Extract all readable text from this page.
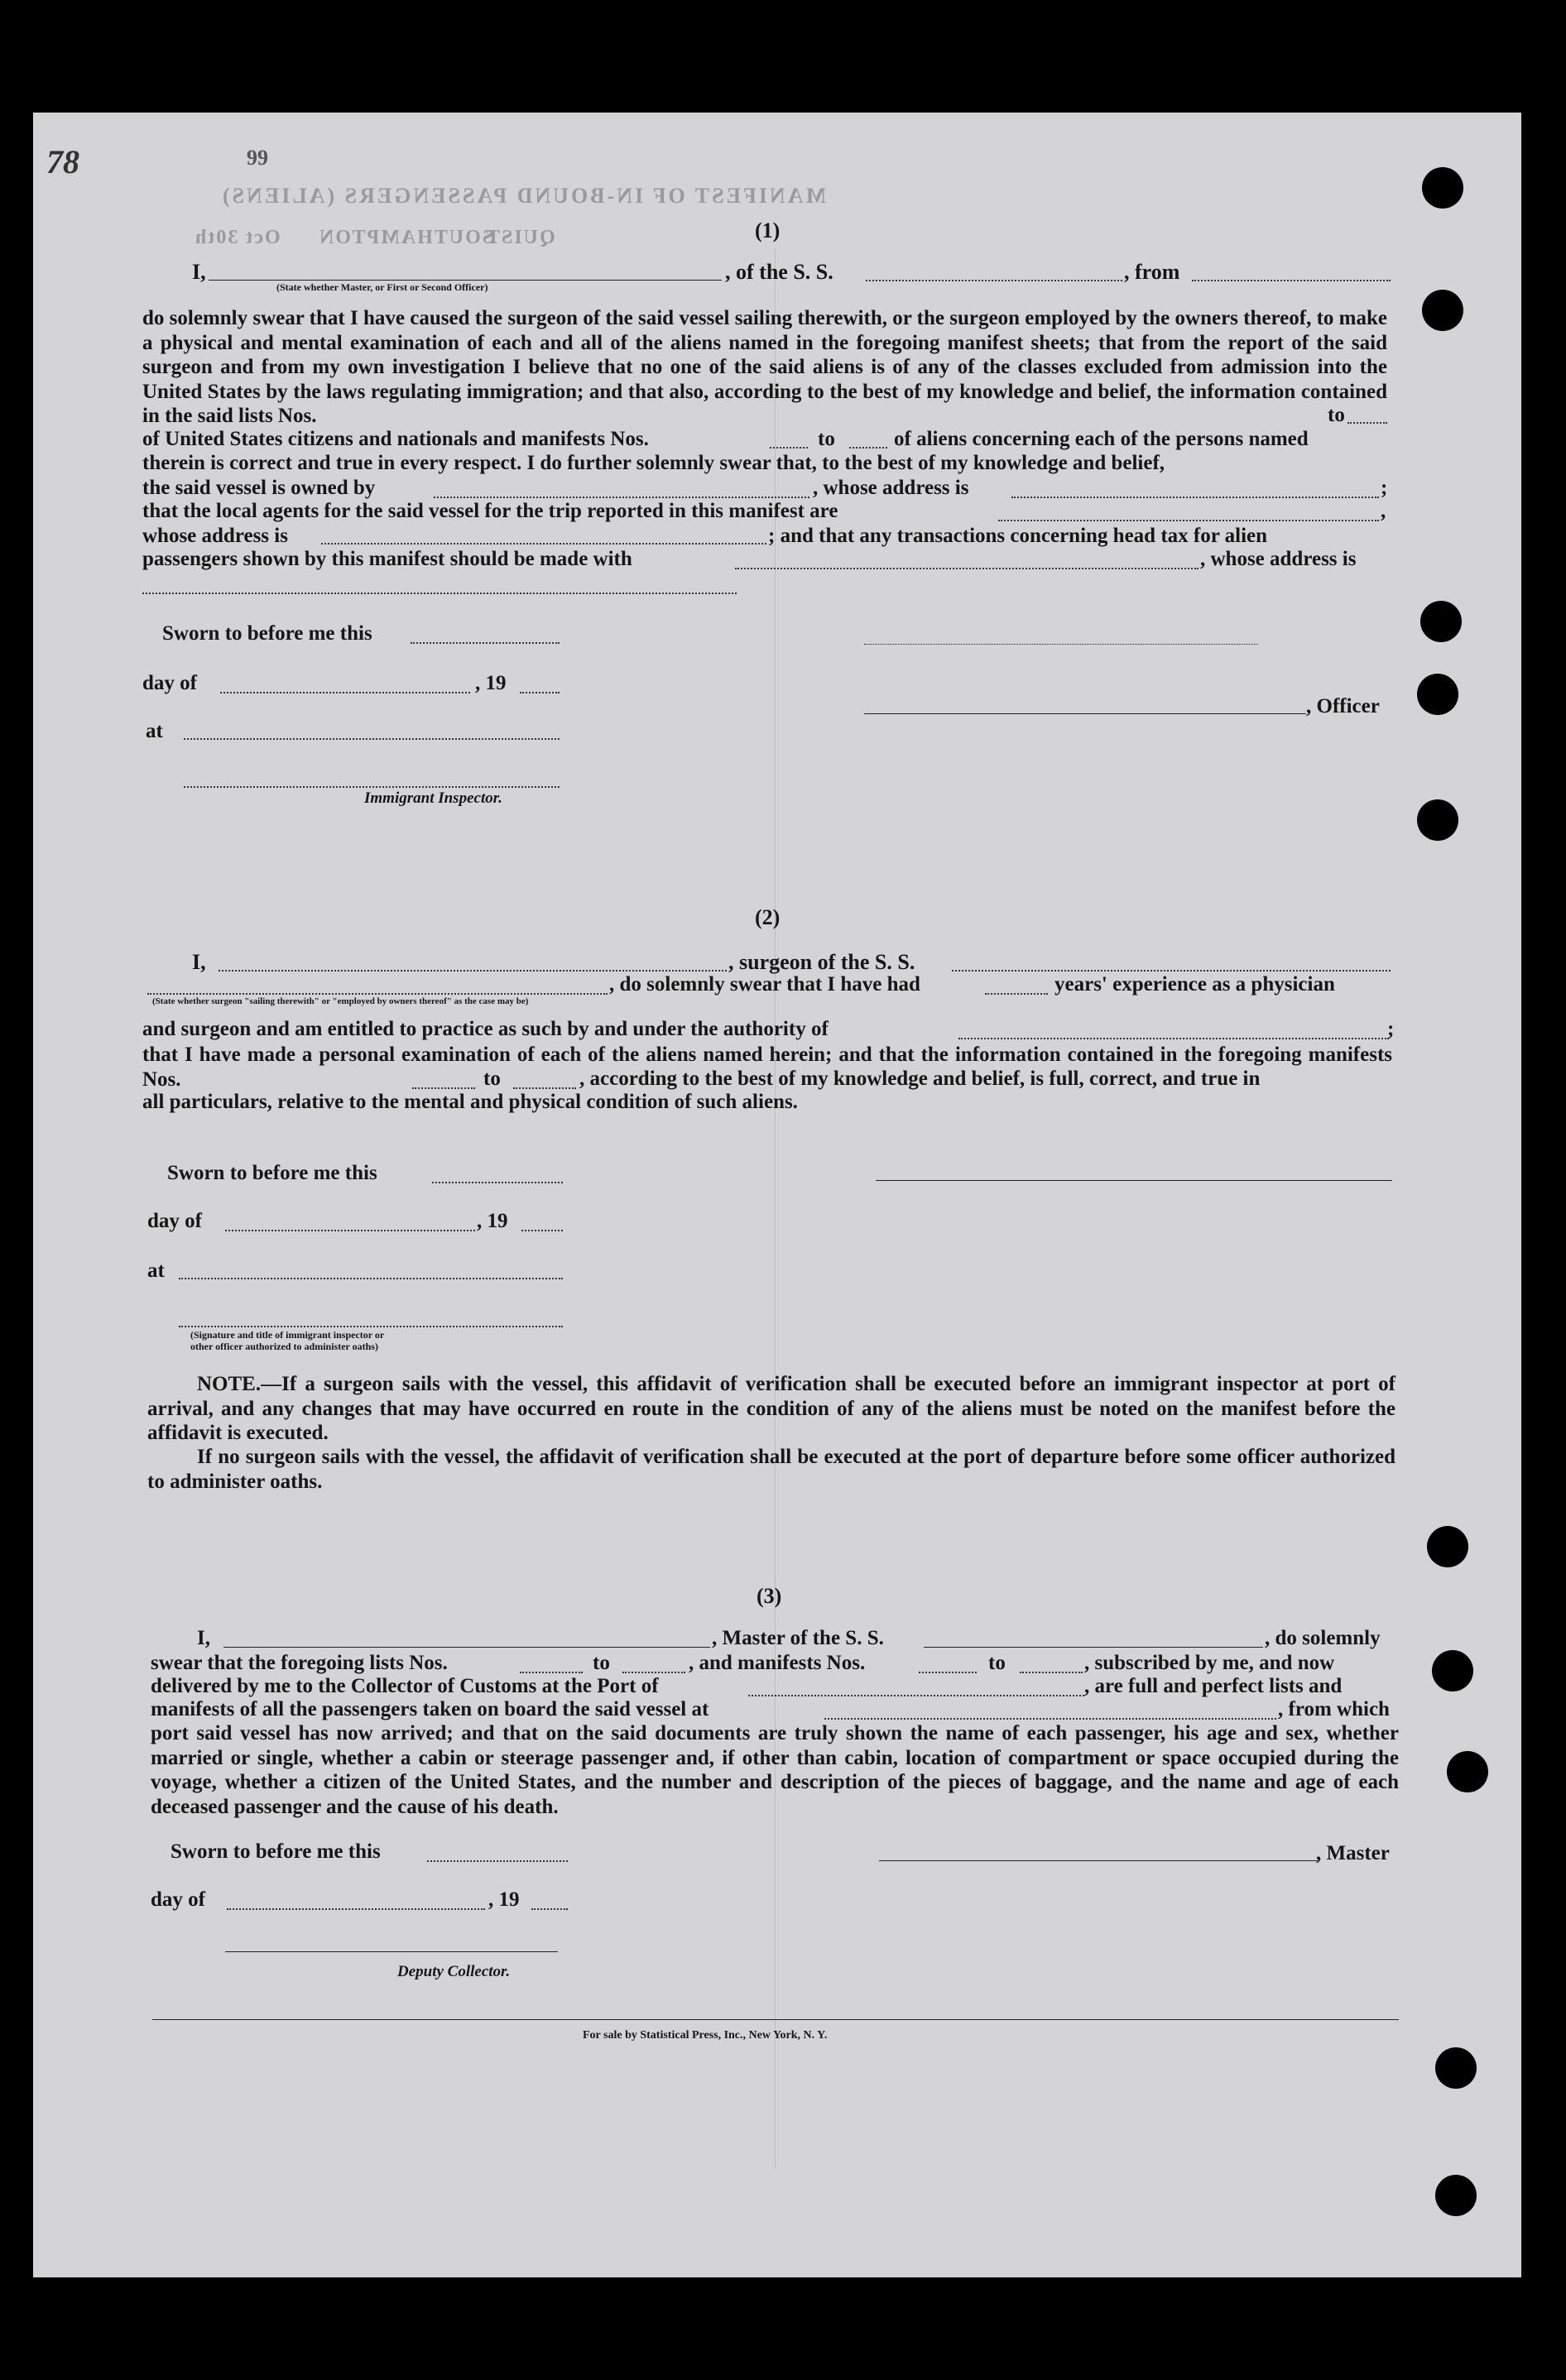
78	99
MANIFEST OF IN-BOUND PASSENGERS (ALIENS)
QUIST
SOUTHAMPTON
Oct 30th	(1)
I,	, of the S. S.	, from
(State whether Master, or First or Second Officer)
do solemnly swear that I have caused the surgeon of the said vessel sailing therewith, or the surgeon employed by the owners thereof, to make a physical and mental examination of each and all of the aliens named in the foregoing manifest sheets; that from the report of the said surgeon and from my own investigation I believe that no one of the said aliens is of any of the classes excluded from admission into the United States by the laws regulating immigration; and that also, according to the best of my knowledge and belief, the information contained in the said lists Nos.	to
of United States citizens and nationals and manifests Nos.	to	of aliens concerning each of the persons named
therein is correct and true in every respect. I do further solemnly swear that, to the best of my knowledge and belief,
the said vessel is owned by	, whose address is	;
that the local agents for the said vessel for the trip reported in this manifest are	,
whose address is	; and that any transactions concerning head tax for alien
passengers shown by this manifest should be made with	, whose address is
Sworn to before me this
day of	, 19
, Officer
at
Immigrant Inspector.
(2)
I,	, surgeon of the S. S.
, do solemnly swear that I have had	years' experience as a physician
(State whether surgeon "sailing therewith" or "employed by owners thereof" as the case may be)
and surgeon and am entitled to practice as such by and under the authority of	;
that I have made a personal examination of each of the aliens named herein; and that the information contained in the foregoing manifests Nos.	to	, according to the best of my knowledge and belief, is full, correct, and true in
all particulars, relative to the mental and physical condition of such aliens.
Sworn to before me this
day of	, 19
at
(Signature and title of immigrant inspector or
other officer authorized to administer oaths)
NOTE.—If a surgeon sails with the vessel, this affidavit of verification shall be executed before an immigrant inspector at port of arrival, and any changes that may have occurred en route in the condition of any of the aliens must be noted on the manifest before the affidavit is executed.
If no surgeon sails with the vessel, the affidavit of verification shall be executed at the port of departure before some officer authorized to administer oaths.
(3)
I,	, Master of the S. S.	, do solemnly
swear that the foregoing lists Nos.	to	, and manifests Nos.	to	, subscribed by me, and now
delivered by me to the Collector of Customs at the Port of	, are full and perfect lists and
manifests of all the passengers taken on board the said vessel at	, from which
port said vessel has now arrived; and that on the said documents are truly shown the name of each passenger, his age and sex, whether married or single, whether a cabin or steerage passenger and, if other than cabin, location of compartment or space occupied during the voyage, whether a citizen of the United States, and the number and description of the pieces of baggage, and the name and age of each deceased passenger and the cause of his death.
Sworn to before me this	, Master
day of	, 19
Deputy Collector.
For sale by Statistical Press, Inc., New York, N. Y.
